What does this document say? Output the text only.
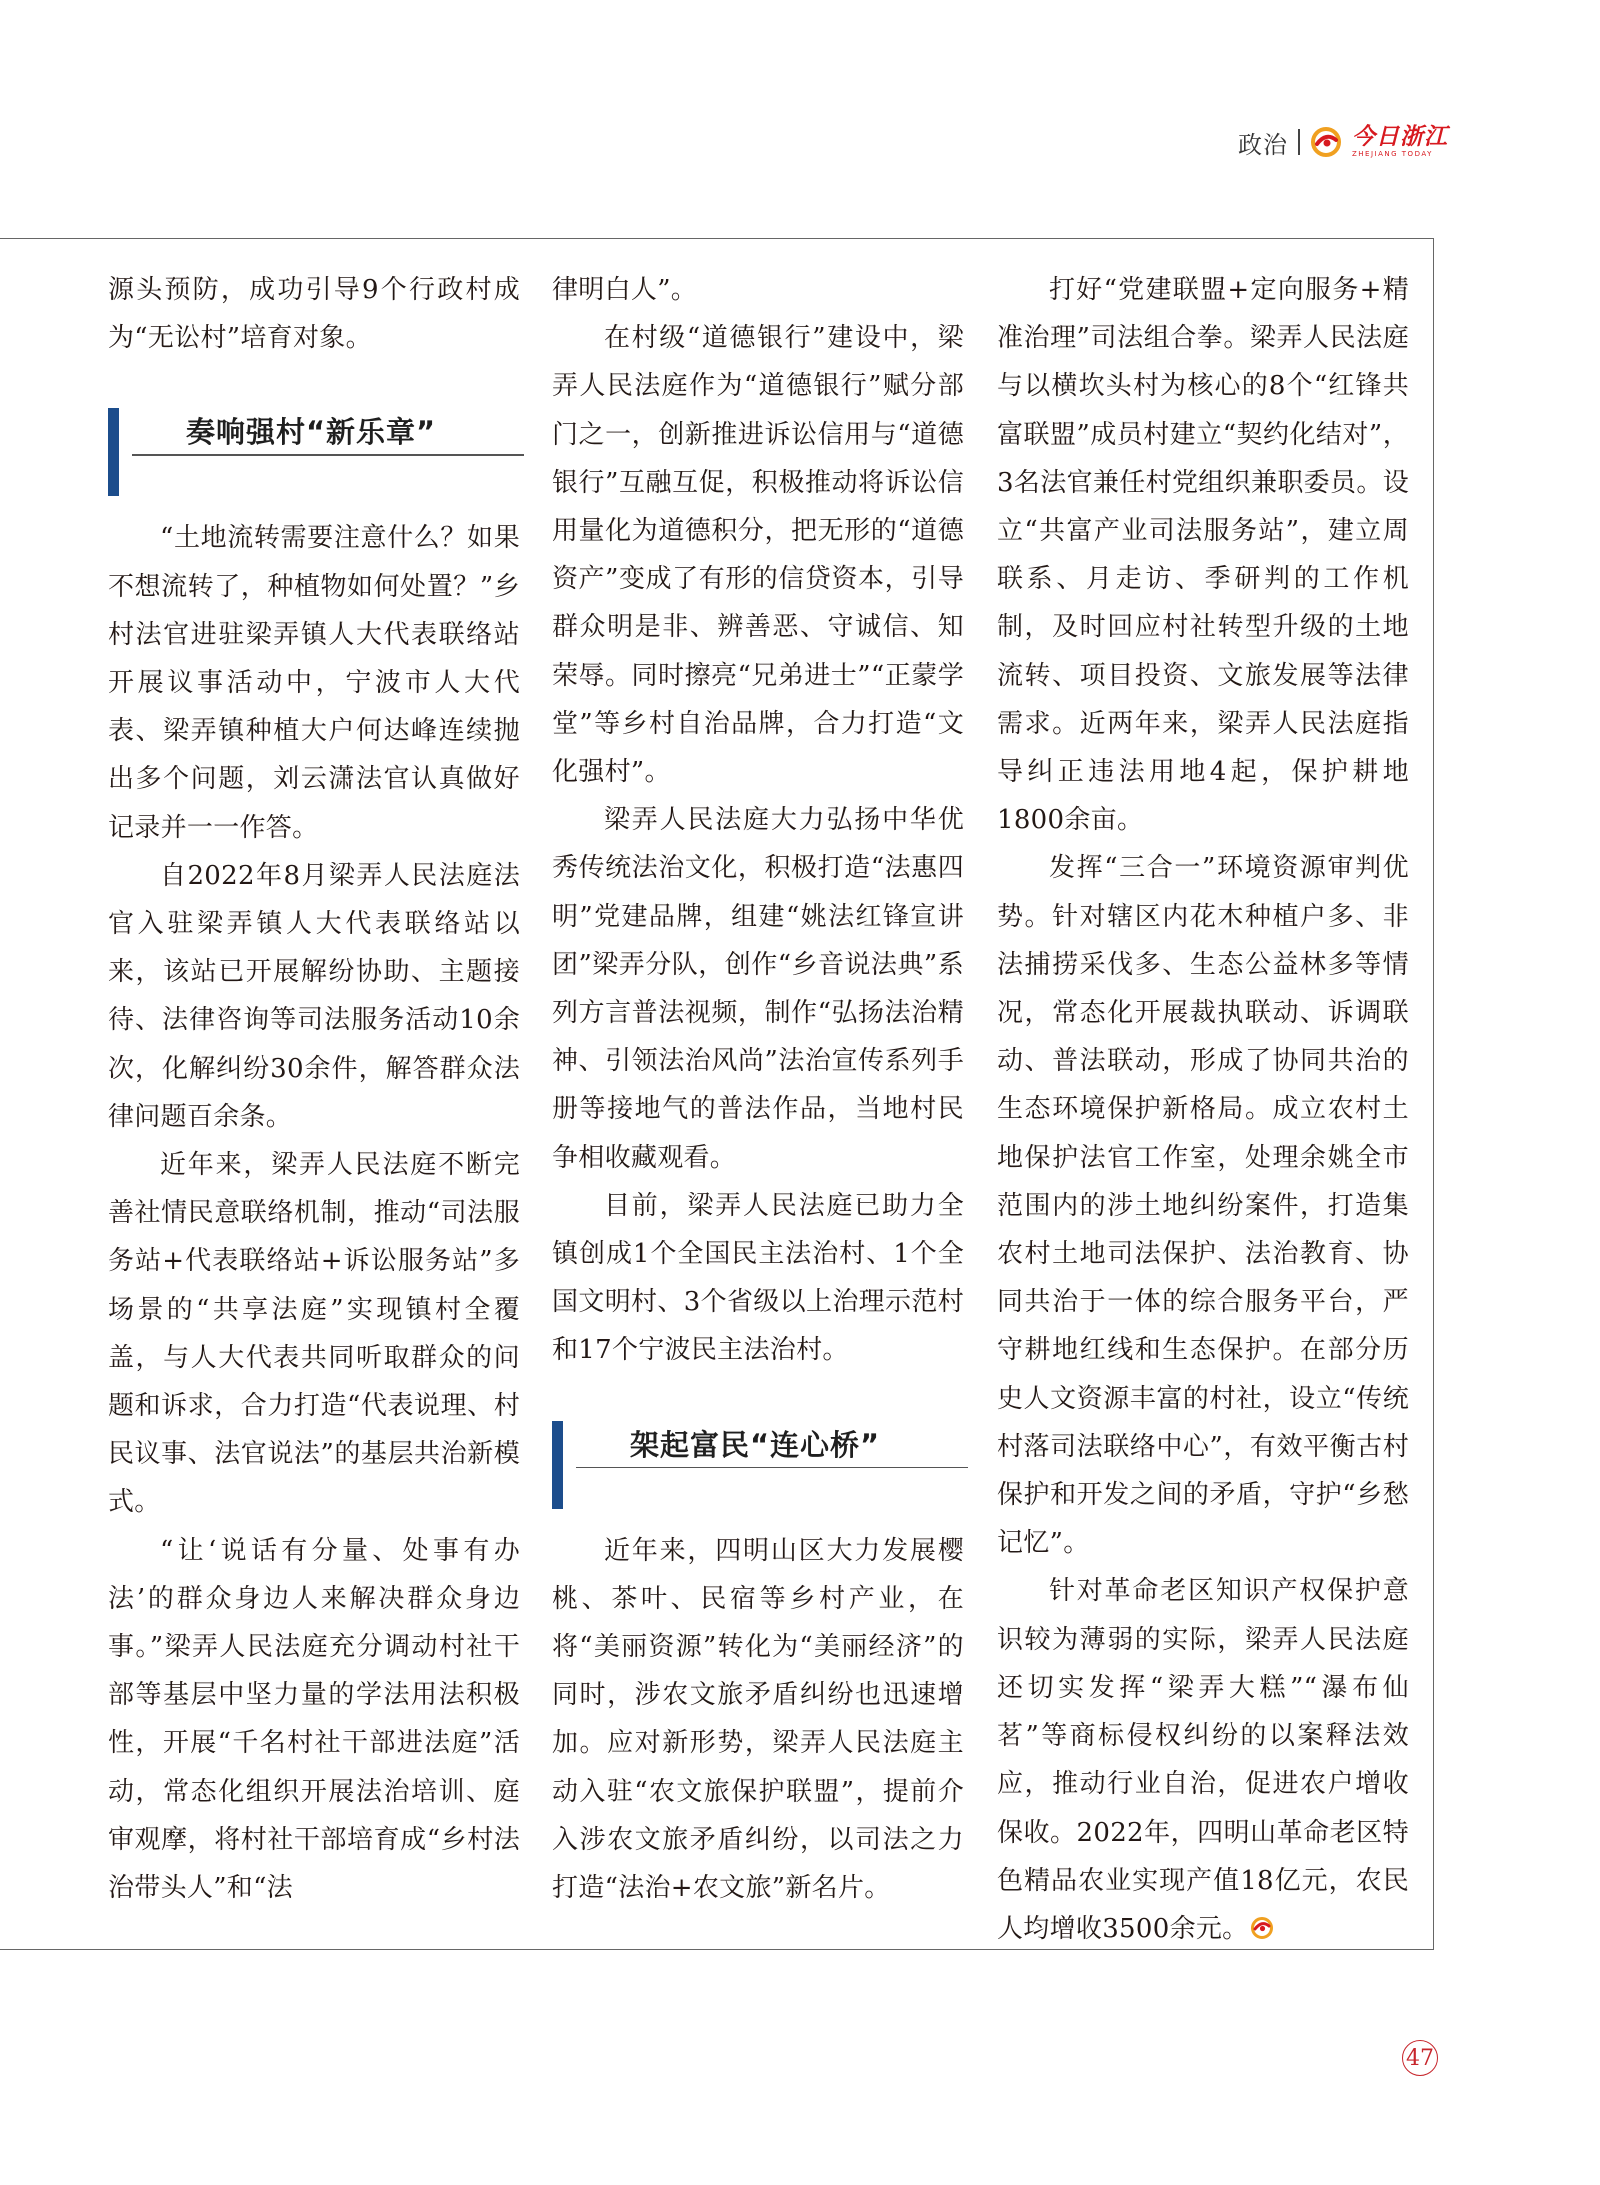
政治	今日浙江
ZHEJIANG TODAY

源头预防，成功引导9个行政村成为“无讼村”培育对象。

奏响强村“新乐章”

“土地流转需要注意什么？如果不想流转了，种植物如何处置？”乡村法官进驻梁弄镇人大代表联络站开展议事活动中，宁波市人大代表、梁弄镇种植大户何达峰连续抛出多个问题，刘云潇法官认真做好记录并一一作答。

自2022年8月梁弄人民法庭法官入驻梁弄镇人大代表联络站以来，该站已开展解纷协助、主题接待、法律咨询等司法服务活动10余次，化解纠纷30余件，解答群众法律问题百余条。

近年来，梁弄人民法庭不断完善社情民意联络机制，推动“司法服务站+代表联络站+诉讼服务站”多场景的“共享法庭”实现镇村全覆盖，与人大代表共同听取群众的问题和诉求，合力打造“代表说理、村民议事、法官说法”的基层共治新模式。

“让‘说话有分量、处事有办法’的群众身边人来解决群众身边事。”梁弄人民法庭充分调动村社干部等基层中坚力量的学法用法积极性，开展“千名村社干部进法庭”活动，常态化组织开展法治培训、庭审观摩，将村社干部培育成“乡村法治带头人”和“法

律明白人”。

在村级“道德银行”建设中，梁弄人民法庭作为“道德银行”赋分部门之一，创新推进诉讼信用与“道德银行”互融互促，积极推动将诉讼信用量化为道德积分，把无形的“道德资产”变成了有形的信贷资本，引导群众明是非、辨善恶、守诚信、知荣辱。同时擦亮“兄弟进士”“正蒙学堂”等乡村自治品牌，合力打造“文化强村”。

梁弄人民法庭大力弘扬中华优秀传统法治文化，积极打造“法惠四明”党建品牌，组建“姚法红锋宣讲团”梁弄分队，创作“乡音说法典”系列方言普法视频，制作“弘扬法治精神、引领法治风尚”法治宣传系列手册等接地气的普法作品，当地村民争相收藏观看。

目前，梁弄人民法庭已助力全镇创成1个全国民主法治村、1个全国文明村、3个省级以上治理示范村和17个宁波民主法治村。

架起富民“连心桥”

近年来，四明山区大力发展樱桃、茶叶、民宿等乡村产业，在将“美丽资源”转化为“美丽经济”的同时，涉农文旅矛盾纠纷也迅速增加。应对新形势，梁弄人民法庭主动入驻“农文旅保护联盟”，提前介入涉农文旅矛盾纠纷，以司法之力打造“法治+农文旅”新名片。

打好“党建联盟+定向服务+精准治理”司法组合拳。梁弄人民法庭与以横坎头村为核心的8个“红锋共富联盟”成员村建立“契约化结对”，3名法官兼任村党组织兼职委员。设立“共富产业司法服务站”，建立周联系、月走访、季研判的工作机制，及时回应村社转型升级的土地流转、项目投资、文旅发展等法律需求。近两年来，梁弄人民法庭指导纠正违法用地4起，保护耕地1800余亩。

发挥“三合一”环境资源审判优势。针对辖区内花木种植户多、非法捕捞采伐多、生态公益林多等情况，常态化开展裁执联动、诉调联动、普法联动，形成了协同共治的生态环境保护新格局。成立农村土地保护法官工作室，处理余姚全市范围内的涉土地纠纷案件，打造集农村土地司法保护、法治教育、协同共治于一体的综合服务平台，严守耕地红线和生态保护。在部分历史人文资源丰富的村社，设立“传统村落司法联络中心”，有效平衡古村保护和开发之间的矛盾，守护“乡愁记忆”。

针对革命老区知识产权保护意识较为薄弱的实际，梁弄人民法庭还切实发挥“梁弄大糕”“瀑布仙茗”等商标侵权纠纷的以案释法效应，推动行业自治，促进农户增收保收。2022年，四明山革命老区特色精品农业实现产值18亿元，农民人均增收3500余元。

47
